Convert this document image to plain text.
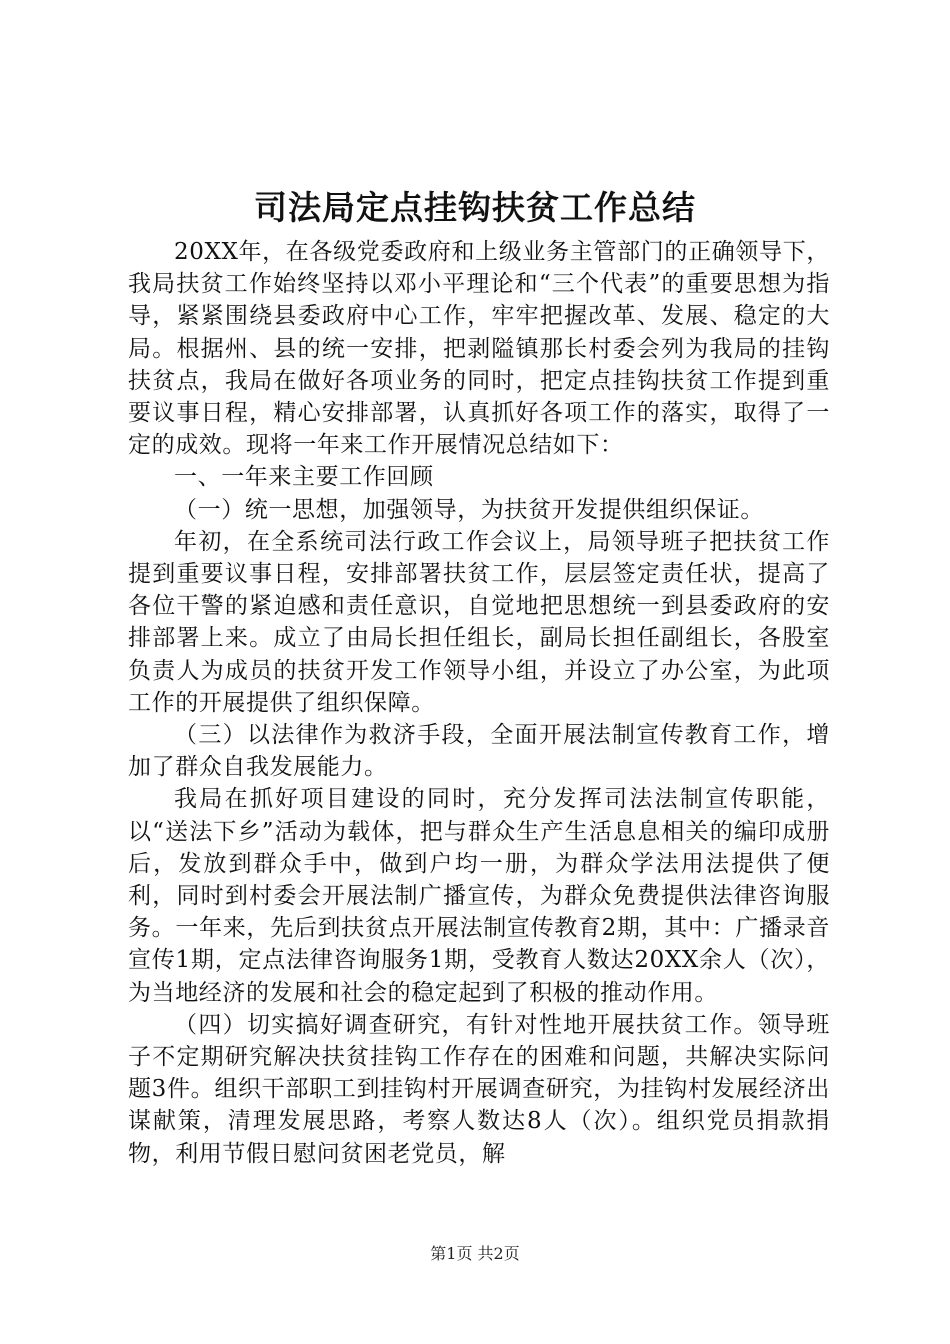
司法局定点挂钩扶贫工作总结

20XX年，在各级党委政府和上级业务主管部门的正确领导下，我局扶贫工作始终坚持以邓小平理论和“三个代表”的重要思想为指导，紧紧围绕县委政府中心工作，牢牢把握改革、发展、稳定的大局。根据州、县的统一安排，把剥隘镇那长村委会列为我局的挂钩扶贫点，我局在做好各项业务的同时，把定点挂钩扶贫工作提到重要议事日程，精心安排部署，认真抓好各项工作的落实，取得了一定的成效。现将一年来工作开展情况总结如下：

一、一年来主要工作回顾

（一）统一思想，加强领导，为扶贫开发提供组织保证。

年初，在全系统司法行政工作会议上，局领导班子把扶贫工作提到重要议事日程，安排部署扶贫工作，层层签定责任状，提高了各位干警的紧迫感和责任意识，自觉地把思想统一到县委政府的安排部署上来。成立了由局长担任组长，副局长担任副组长，各股室负责人为成员的扶贫开发工作领导小组，并设立了办公室，为此项工作的开展提供了组织保障。

（三）以法律作为救济手段，全面开展法制宣传教育工作，增加了群众自我发展能力。

我局在抓好项目建设的同时，充分发挥司法法制宣传职能，以“送法下乡”活动为载体，把与群众生产生活息息相关的编印成册后，发放到群众手中，做到户均一册，为群众学法用法提供了便利，同时到村委会开展法制广播宣传，为群众免费提供法律咨询服务。一年来，先后到扶贫点开展法制宣传教育2期，其中：广播录音宣传1期，定点法律咨询服务1期，受教育人数达20XX余人（次），为当地经济的发展和社会的稳定起到了积极的推动作用。

（四）切实搞好调查研究，有针对性地开展扶贫工作。领导班子不定期研究解决扶贫挂钩工作存在的困难和问题，共解决实际问题3件。组织干部职工到挂钩村开展调查研究，为挂钩村发展经济出谋献策，清理发展思路，考察人数达8人（次）。组织党员捐款捐物，利用节假日慰问贫困老党员，解

第1页 共2页
